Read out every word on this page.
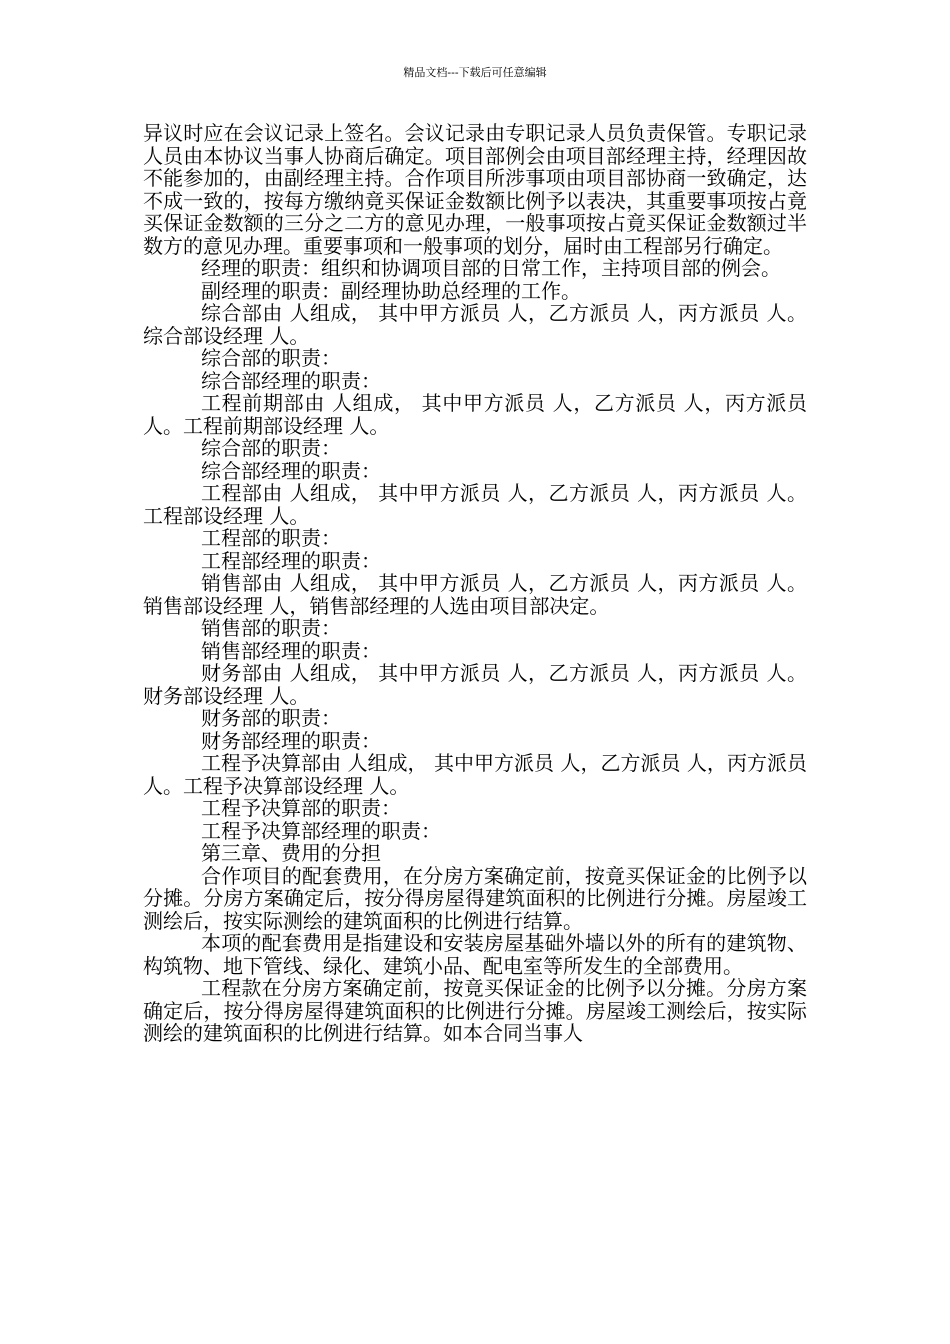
精品文档---下载后可任意编辑

异议时应在会议记录上签名。会议记录由专职记录人员负责保管。专职记录人员由本协议当事人协商后确定。项目部例会由项目部经理主持，经理因故不能参加的，由副经理主持。合作项目所涉事项由项目部协商一致确定，达不成一致的，按每方缴纳竟买保证金数额比例予以表决，其重要事项按占竟买保证金数额的三分之二方的意见办理，一般事项按占竟买保证金数额过半数方的意见办理。重要事项和一般事项的划分，届时由工程部另行确定。

经理的职责：组织和协调项目部的日常工作，主持项目部的例会。

副经理的职责：副经理协助总经理的工作。

综合部由 人组成， 其中甲方派员 人，乙方派员 人，丙方派员 人。综合部设经理 人。

综合部的职责：

综合部经理的职责：

工程前期部由 人组成， 其中甲方派员 人，乙方派员 人，丙方派员 人。工程前期部设经理 人。

综合部的职责：

综合部经理的职责：

工程部由 人组成， 其中甲方派员 人，乙方派员 人，丙方派员 人。工程部设经理 人。

工程部的职责：

工程部经理的职责：

销售部由 人组成， 其中甲方派员 人，乙方派员 人，丙方派员 人。销售部设经理 人，销售部经理的人选由项目部决定。

销售部的职责：

销售部经理的职责：

财务部由 人组成， 其中甲方派员 人，乙方派员 人，丙方派员 人。财务部设经理 人。

财务部的职责：

财务部经理的职责：

工程予决算部由 人组成， 其中甲方派员 人，乙方派员 人，丙方派员 人。工程予决算部设经理 人。

工程予决算部的职责：

工程予决算部经理的职责：

第三章、费用的分担

合作项目的配套费用，在分房方案确定前，按竟买保证金的比例予以分摊。分房方案确定后，按分得房屋得建筑面积的比例进行分摊。房屋竣工测绘后，按实际测绘的建筑面积的比例进行结算。

本项的配套费用是指建设和安装房屋基础外墙以外的所有的建筑物、构筑物、地下管线、绿化、建筑小品、配电室等所发生的全部费用。

工程款在分房方案确定前，按竟买保证金的比例予以分摊。分房方案确定后，按分得房屋得建筑面积的比例进行分摊。房屋竣工测绘后，按实际测绘的建筑面积的比例进行结算。如本合同当事人
